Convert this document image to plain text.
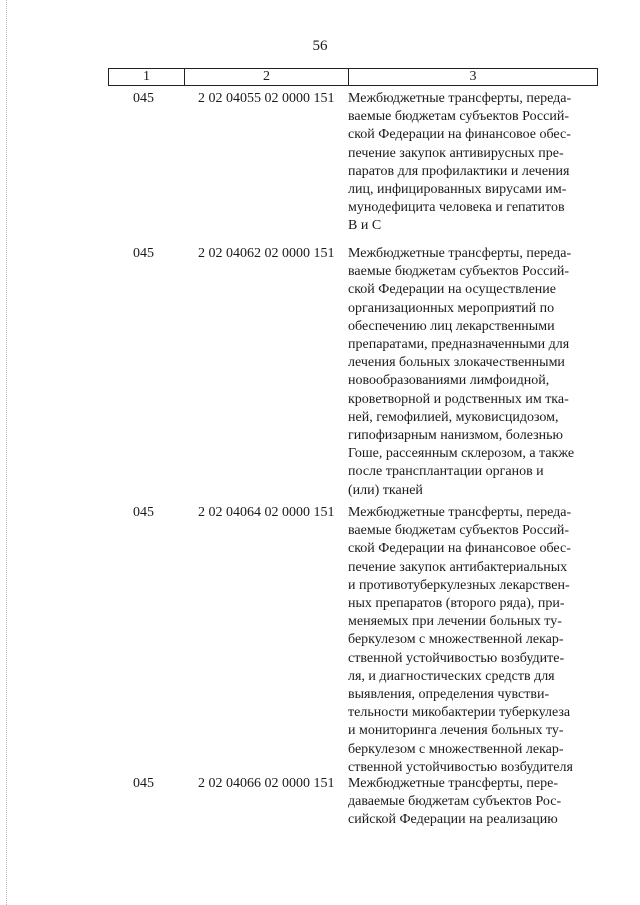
56
1	2	3
045	2 02 04055 02 0000 151 Межбюджетные трансферты, переда-
ваемые бюджетам субъектов Россий-
ской Федерации на финансовое обес-
печение закупок антивирусных пре-
паратов для профилактики и лечения
лиц, инфицированных вирусами им-
мунодефицита человека и гепатитов
В и С
045	2 02 04062 02 0000 151 Межбюджетные трансферты, переда-
ваемые бюджетам субъектов Россий-
ской Федерации на осуществление
организационных мероприятий по
обеспечению лиц лекарственными
препаратами, предназначенными для
лечения больных злокачественными
новообразованиями лимфоидной,
кроветворной и родственных им тка-
ней, гемофилией, муковисцидозом,
гипофизарным нанизмом, болезнью
Гоше, рассеянным склерозом, а также
после трансплантации органов и
(или) тканей
045	2 02 04064 02 0000 151 Межбюджетные трансферты, переда-
ваемые бюджетам субъектов Россий-
ской Федерации на финансовое обес-
печение закупок антибактериальных
и противотуберкулезных лекарствен-
ных препаратов (второго ряда), при-
меняемых при лечении больных ту-
беркулезом с множественной лекар-
ственной устойчивостью возбудите-
ля, и диагностических средств для
выявления, определения чувстви-
тельности микобактерии туберкулеза
и мониторинга лечения больных ту-
беркулезом с множественной лекар-
ственной устойчивостью возбудителя
045	2 02 04066 02 0000 151 Межбюджетные трансферты, пере-
даваемые бюджетам субъектов Рос-
сийской Федерации на реализацию
